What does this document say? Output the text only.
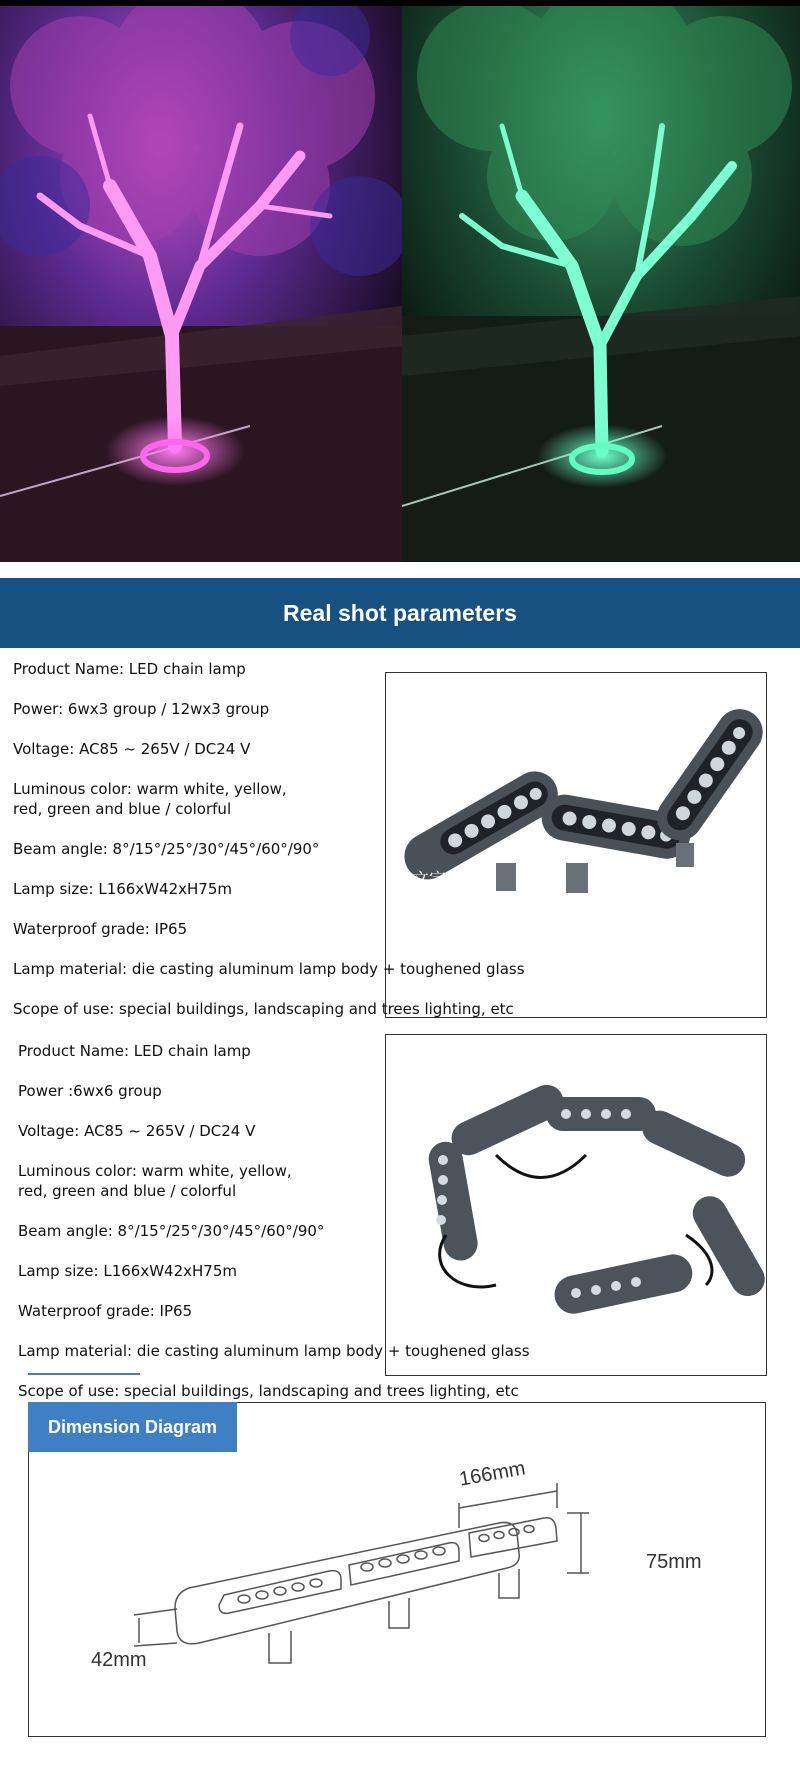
Real shot parameters
文字
Product Name: LED chain lamp
Power: 6wx3 group / 12wx3 group
Voltage: AC85 ~ 265V / DC24 V
Luminous color: warm white, yellow,
red, green and blue / colorful
Beam angle: 8°/15°/25°/30°/45°/60°/90°
Lamp size: L166xW42xH75m
Waterproof grade: IP65
Lamp material: die casting aluminum lamp body + toughened glass
Scope of use: special buildings, landscaping and trees lighting, etc
Product Name: LED chain lamp
Power :6wx6 group
Voltage: AC85 ~ 265V / DC24 V
Luminous color: warm white, yellow,
red, green and blue / colorful
Beam angle: 8°/15°/25°/30°/45°/60°/90°
Lamp size: L166xW42xH75m
Waterproof grade: IP65
Lamp material: die casting aluminum lamp body + toughened glass
Scope of use: special buildings, landscaping and trees lighting, etc
166mm
75mm
42mm
Dimension Diagram
